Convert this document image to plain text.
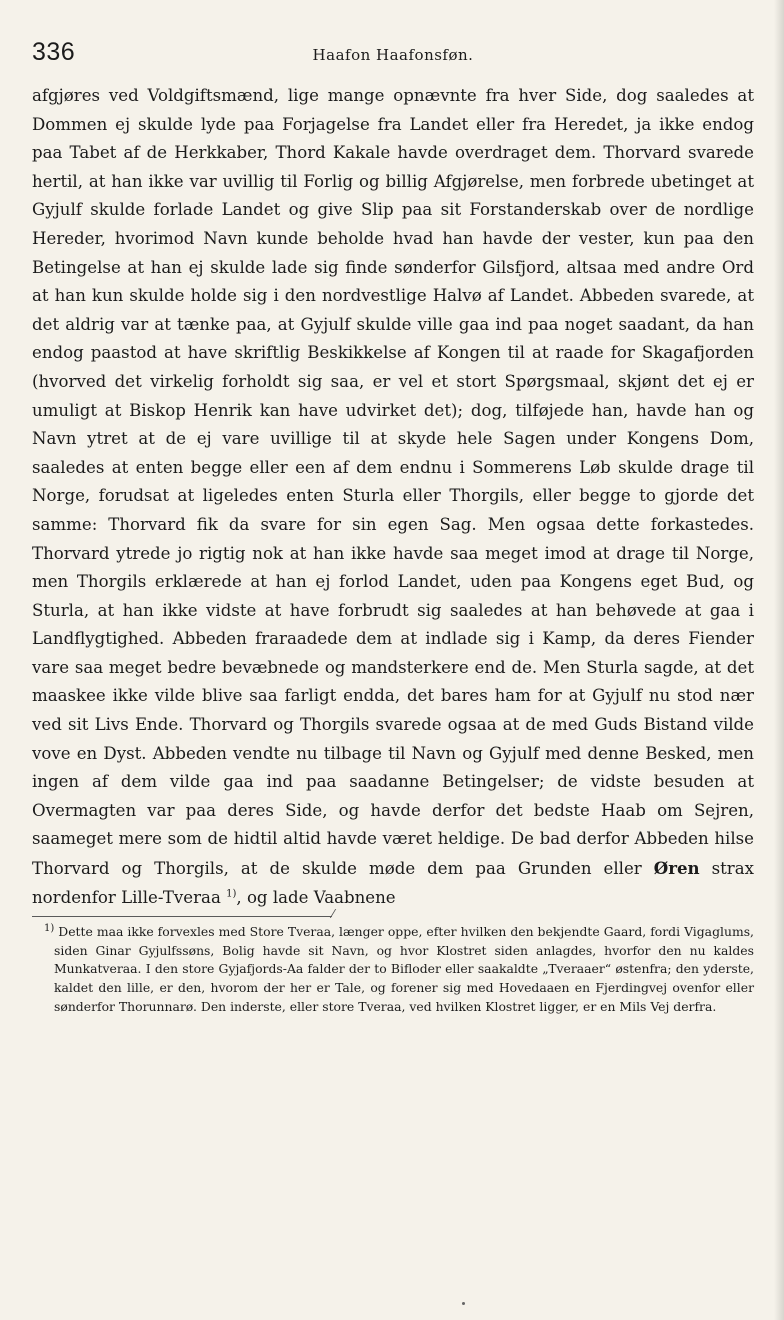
336	Haafon Haafonsføn.

afgjøres ved Voldgiftsmænd, lige mange opnævnte fra hver Side, dog saaledes at Dommen ej skulde lyde paa Forjagelse fra Landet eller fra Heredet, ja ikke endog paa Tabet af de Herkkaber, Thord Kakale havde overdraget dem. Thorvard svarede hertil, at han ikke var uvillig til Forlig og billig Afgjørelse, men forbrede ubetinget at Gyjulf skulde forlade Landet og give Slip paa sit Forstanderskab over de nordlige Hereder, hvorimod Navn kunde beholde hvad han havde der vester, kun paa den Betingelse at han ej skulde lade sig finde sønderfor Gilsfjord, altsaa med andre Ord at han kun skulde holde sig i den nordvestlige Halvø af Landet. Abbeden svarede, at det aldrig var at tænke paa, at Gyjulf skulde ville gaa ind paa noget saadant, da han endog paastod at have skriftlig Beskikkelse af Kongen til at raade for Skagafjorden (hvorved det virkelig forholdt sig saa, er vel et stort Spørgsmaal, skjønt det ej er umuligt at Biskop Henrik kan have udvirket det); dog, tilføjede han, havde han og Navn ytret at de ej vare uvillige til at skyde hele Sagen under Kongens Dom, saaledes at enten begge eller een af dem endnu i Sommerens Løb skulde drage til Norge, forudsat at ligeledes enten Sturla eller Thorgils, eller begge to gjorde det samme: Thorvard fik da svare for sin egen Sag. Men ogsaa dette forkastedes. Thorvard ytrede jo rigtig nok at han ikke havde saa meget imod at drage til Norge, men Thorgils erklærede at han ej forlod Landet, uden paa Kongens eget Bud, og Sturla, at han ikke vidste at have forbrudt sig saaledes at han behøvede at gaa i Landflygtighed. Abbeden fraraadede dem at indlade sig i Kamp, da deres Fiender vare saa meget bedre bevæbnede og mandsterkere end de. Men Sturla sagde, at det maaskee ikke vilde blive saa farligt endda, det bares ham for at Gyjulf nu stod nær ved sit Livs Ende. Thorvard og Thorgils svarede ogsaa at de med Guds Bistand vilde vove en Dyst. Abbeden vendte nu tilbage til Navn og Gyjulf med denne Besked, men ingen af dem vilde gaa ind paa saadanne Betingelser; de vidste besuden at Overmagten var paa deres Side, og havde derfor det bedste Haab om Sejren, saameget mere som de hidtil altid havde været heldige. De bad derfor Abbeden hilse Thorvard og Thorgils, at de skulde møde dem paa Grunden eller Øren strax nordenfor Lille-Tveraa $^{1)}$, og lade Vaabnene

⁄

$^{1)}$ Dette maa ikke forvexles med Store Tveraa, længer oppe, efter hvilken den bekjendte Gaard, fordi Vigaglums, siden Ginar Gyjulfssøns, Bolig havde sit Navn, og hvor Klostret siden anlagdes, hvorfor den nu kaldes Munkatveraa. I den store Gyjafjords-Aa falder der to Bifloder eller saakaldte „Tveraaer“ østenfra; den yderste, kaldet den lille, er den, hvorom der her er Tale, og forener sig med Hovedaaen en Fjerdingvej ovenfor eller sønderfor Thorunnarø. Den inderste, eller store Tveraa, ved hvilken Klostret ligger, er en Mils Vej derfra.
